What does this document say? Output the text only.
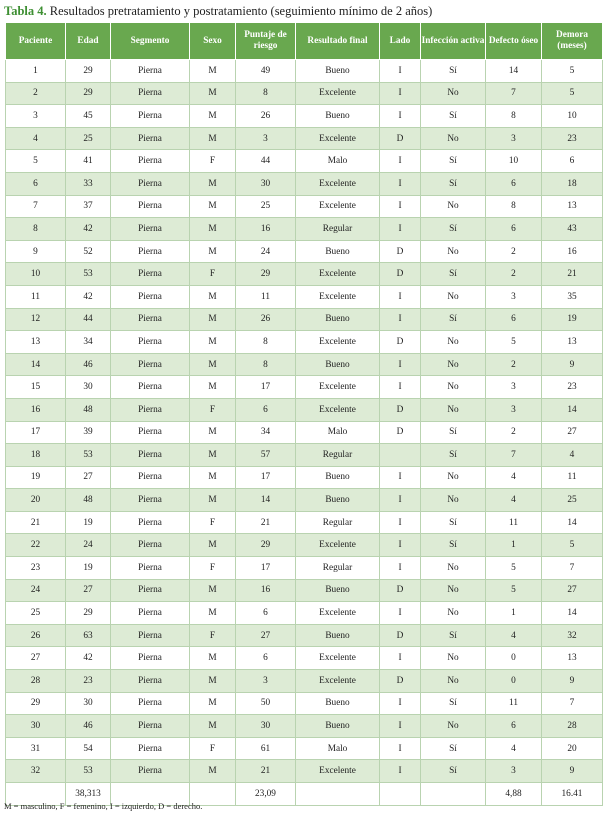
Tabla 4. Resultados pretratamiento y postratamiento (seguimiento mínimo de 2 años)
Paciente	Edad	Segmento	Sexo	Puntaje de riesgo	Resultado final	Lado	Infección activa	Defecto óseo	Demora (meses)
1	29	Pierna	M	49	Bueno	I	Sí	14	5
2	29	Pierna	M	8	Excelente	I	No	7	5
3	45	Pierna	M	26	Bueno	I	Sí	8	10
4	25	Pierna	M	3	Excelente	D	No	3	23
5	41	Pierna	F	44	Malo	I	Sí	10	6
6	33	Pierna	M	30	Excelente	I	Sí	6	18
7	37	Pierna	M	25	Excelente	I	No	8	13
8	42	Pierna	M	16	Regular	I	Sí	6	43
9	52	Pierna	M	24	Bueno	D	No	2	16
10	53	Pierna	F	29	Excelente	D	Sí	2	21
11	42	Pierna	M	11	Excelente	I	No	3	35
12	44	Pierna	M	26	Bueno	I	Sí	6	19
13	34	Pierna	M	8	Excelente	D	No	5	13
14	46	Pierna	M	8	Bueno	I	No	2	9
15	30	Pierna	M	17	Excelente	I	No	3	23
16	48	Pierna	F	6	Excelente	D	No	3	14
17	39	Pierna	M	34	Malo	D	Sí	2	27
18	53	Pierna	M	57	Regular		Sí	7	4
19	27	Pierna	M	17	Bueno	I	No	4	11
20	48	Pierna	M	14	Bueno	I	No	4	25
21	19	Pierna	F	21	Regular	I	Sí	11	14
22	24	Pierna	M	29	Excelente	I	Sí	1	5
23	19	Pierna	F	17	Regular	I	No	5	7
24	27	Pierna	M	16	Bueno	D	No	5	27
25	29	Pierna	M	6	Excelente	I	No	1	14
26	63	Pierna	F	27	Bueno	D	Sí	4	32
27	42	Pierna	M	6	Excelente	I	No	0	13
28	23	Pierna	M	3	Excelente	D	No	0	9
29	30	Pierna	M	50	Bueno	I	Sí	11	7
30	46	Pierna	M	30	Bueno	I	No	6	28
31	54	Pierna	F	61	Malo	I	Sí	4	20
32	53	Pierna	M	21	Excelente	I	Sí	3	9
	38,313			23,09				4,88	16.41
M = masculino, F = femenino, I = izquierdo, D = derecho.
